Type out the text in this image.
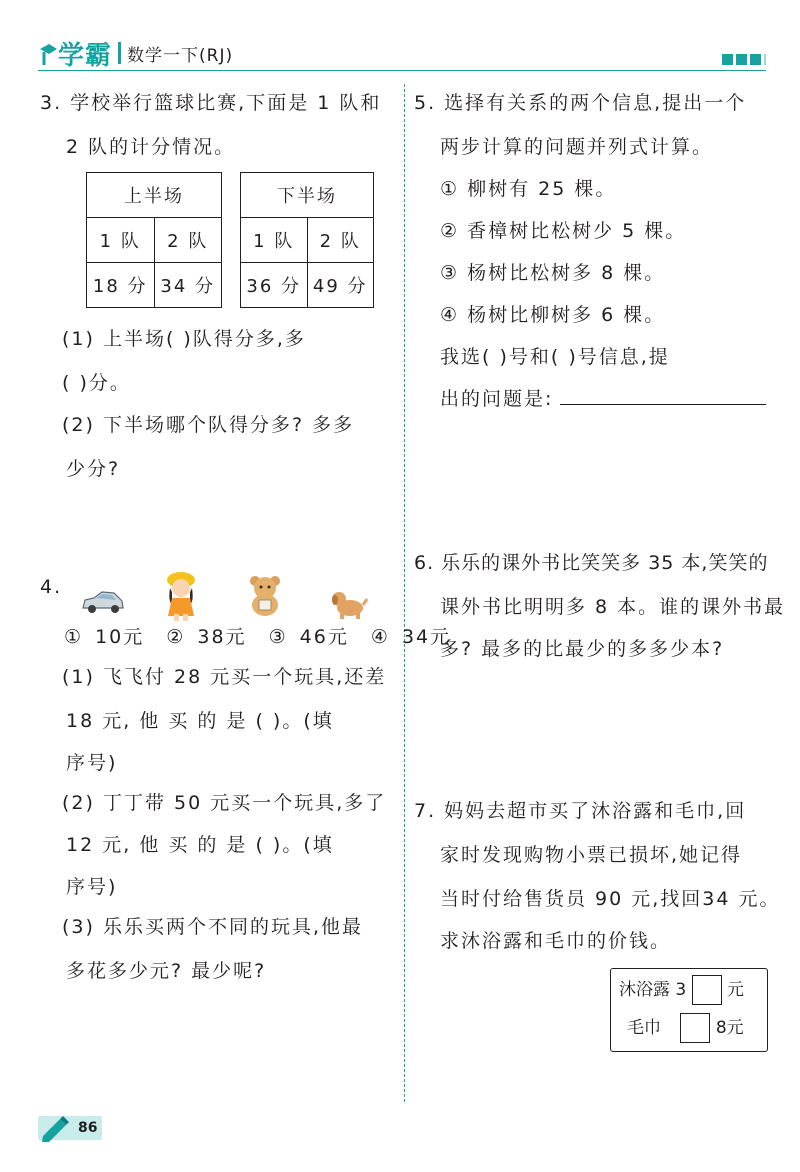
学霸 数学一下(RJ)
3. 学校举行篮球比赛,下面是 1 队和
2 队的计分情况。
上半场	
1 队	2 队
18 分	34 分
下半场	
1 队	2 队
36 分	49 分
(1) 上半场( )队得分多,多
( )分。
(2) 下半场哪个队得分多? 多多
少分?
4.
① 10元 ② 38元 ③ 46元 ④ 34元
(1) 飞飞付 28 元买一个玩具,还差
18 元, 他 买 的 是 ( )。(填
序号)
(2) 丁丁带 50 元买一个玩具,多了
12 元, 他 买 的 是 ( )。(填
序号)
(3) 乐乐买两个不同的玩具,他最
多花多少元? 最少呢?
5. 选择有关系的两个信息,提出一个
两步计算的问题并列式计算。
① 柳树有 25 棵。
② 香樟树比松树少 5 棵。
③ 杨树比松树多 8 棵。
④ 杨树比柳树多 6 棵。
我选( )号和( )号信息,提
出的问题是:
6. 乐乐的课外书比笑笑多 35 本,笑笑的
课外书比明明多 8 本。谁的课外书最
多? 最多的比最少的多多少本?
7. 妈妈去超市买了沐浴露和毛巾,回
家时发现购物小票已损坏,她记得
当时付给售货员 90 元,找回34 元。
求沐浴露和毛巾的价钱。
沐浴露 3 元
毛巾	8元
86
